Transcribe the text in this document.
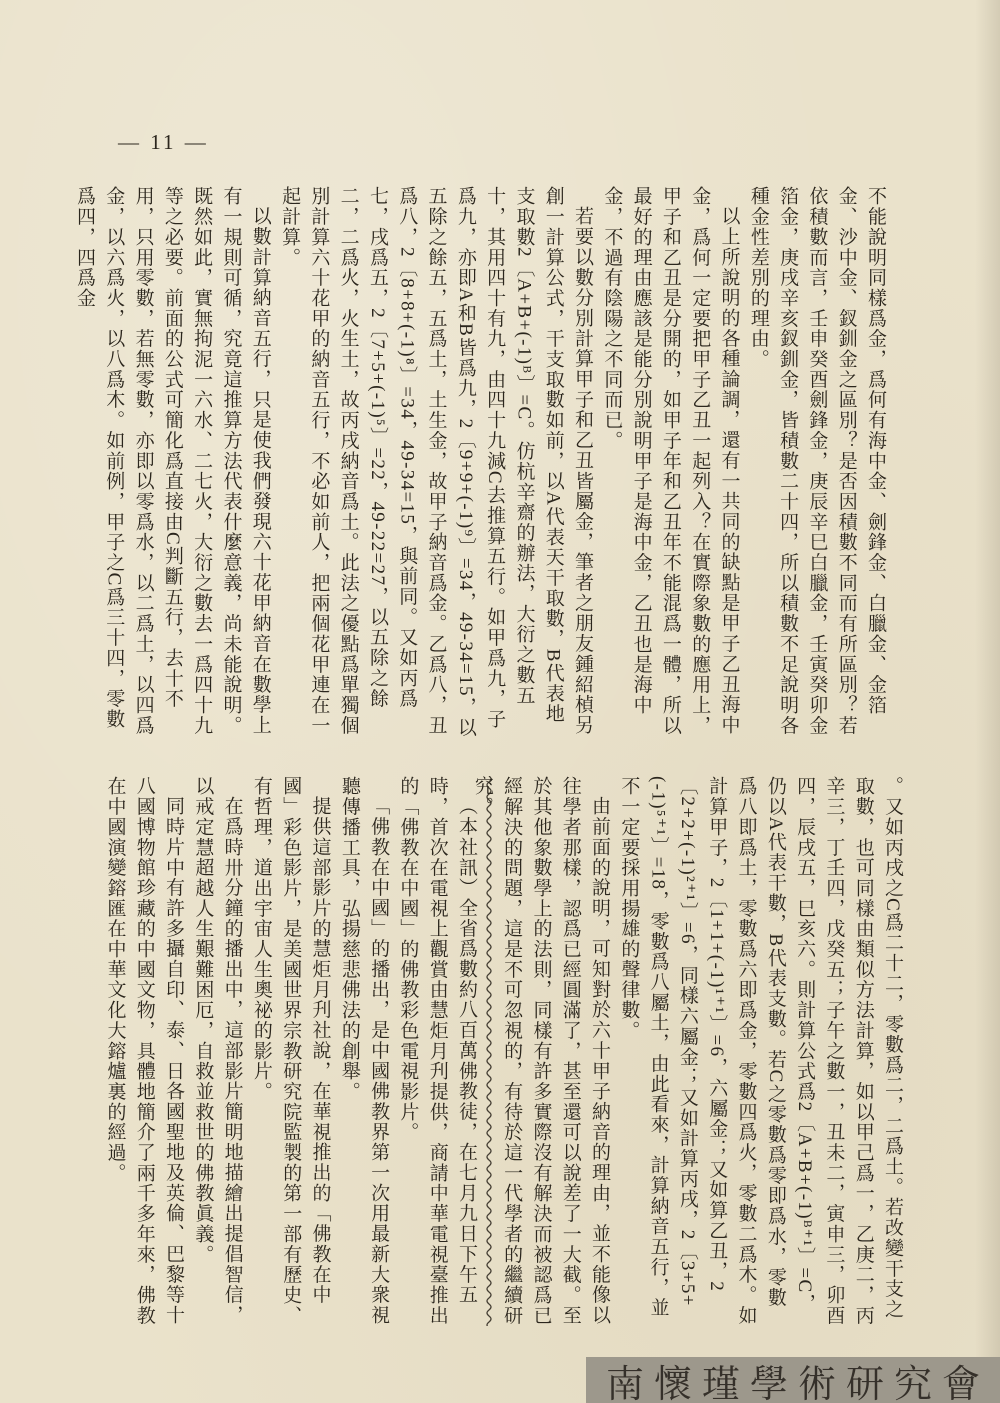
— 11 —

不能說明同樣爲金，爲何有海中金、劍鋒金、白臘金、金箔金、沙中金、釵釧金之區別？是否因積數不同而有所區別？若依積數而言，壬申癸酉劍鋒金，庚辰辛巳白臘金，壬寅癸卯金箔金，庚戌辛亥釵釧金，皆積數二十四，所以積數不足說明各種金性差別的理由。

以上所說明的各種論調，還有一共同的缺點是甲子乙丑海中金，爲何一定要把甲子乙丑一起列入？在實際象數的應用上，甲子和乙丑是分開的，如甲子年和乙丑年不能混爲一體，所以最好的理由應該是能分別說明甲子是海中金，乙丑也是海中金，不過有陰陽之不同而已。

若要以數分別計算甲子和乙丑皆屬金，筆者之朋友鍾紹楨另創一計算公式，干支取數如前，以A代表天干取數，B代表地支取數2〔A+B+(-1)ᴮ〕=C。仿杭辛齋的辦法，大衍之數五十，其用四十有九，由四十九減C去推算五行。如甲爲九，子爲九，亦即A和B皆爲九，2〔9+9+(-1)⁹〕=34，49-34=15，以五除之餘五，五爲土，土生金，故甲子納音爲金。乙爲八，丑爲八，2〔8+8+(-1)⁸〕=34，49-34=15，與前同。又如丙爲七，戌爲五，2〔7+5+(-1)⁵〕=22，49-22=27，以五除之餘二，二爲火，火生土，故丙戌納音爲土。此法之優點爲單獨個別計算六十花甲的納音五行，不必如前人，把兩個花甲連在一起計算。

以數計算納音五行，只是使我們發現六十花甲納音在數學上有一規則可循，究竟這推算方法代表什麼意義，尚未能說明。既然如此，實無拘泥一六水、二七火，大衍之數去一爲四十九等之必要。前面的公式可簡化爲直接由C判斷五行，去十不用，只用零數，若無零數，亦即以零爲水，以二爲土，以四爲金，以六爲火，以八爲木。如前例，甲子之C爲三十四，零數爲四，四爲金

（本社訊）全省爲數約八百萬佛教徒，在七月九日下午五時，首次在電視上觀賞由慧炬月刋提供，商請中華電視臺推出的「佛教在中國」的佛教彩色電視影片。

「佛教在中國」的播出，是中國佛教界第一次用最新大衆視聽傳播工具，弘揚慈悲佛法的創舉。

提供這部影片的慧炬月刋社說，在華視推出的「佛教在中國」彩色影片，是美國世界宗教研究院監製的第一部有歷史、有哲理，道出宇宙人生奧祕的影片。

在爲時卅分鐘的播出中，這部影片簡明地描繪出提倡智信，以戒定慧超越人生艱難困厄，自救並救世的佛教眞義。

同時片中有許多攝自印、泰、日各國聖地及英倫、巴黎等十八國博物館珍藏的中國文物，具體地簡介了兩千多年來，佛教在中國演變鎔匯在中華文化大鎔爐裏的經過。	。又如丙戌之C爲二十二，零數爲二，二爲土。若改變干支之取數，也可同樣由類似方法計算，如以甲己爲一，乙庚二，丙辛三，丁壬四，戊癸五；子午之數一，丑未二，寅申三，卯酉四，辰戌五，巳亥六。則計算公式爲2〔A+B+(-1)ᴮ⁺¹〕=C，仍以A代表干數，B代表支數。若C之零數爲零即爲水，零數爲八即爲土，零數爲六即爲金，零數四爲火，零數二爲木。如計算甲子，2〔1+1+(-1)¹⁺¹〕=6，六屬金；又如算乙丑，2〔2+2+(-1)²⁺¹〕=6，同樣六屬金；又如計算丙戌，2〔3+5+(-1)⁵⁺¹〕=18，零數爲八屬土，由此看來，計算納音五行，並不一定要採用揚雄的聲律數。

由前面的說明，可知對於六十甲子納音的理由，並不能像以往學者那樣，認爲已經圓滿了，甚至還可以說差了一大截。至於其他象數學上的法則，同樣有許多實際沒有解決而被認爲已經解決的問題，這是不可忽視的，有待於這一代學者的繼續研究。

南懷瑾學術研究會
